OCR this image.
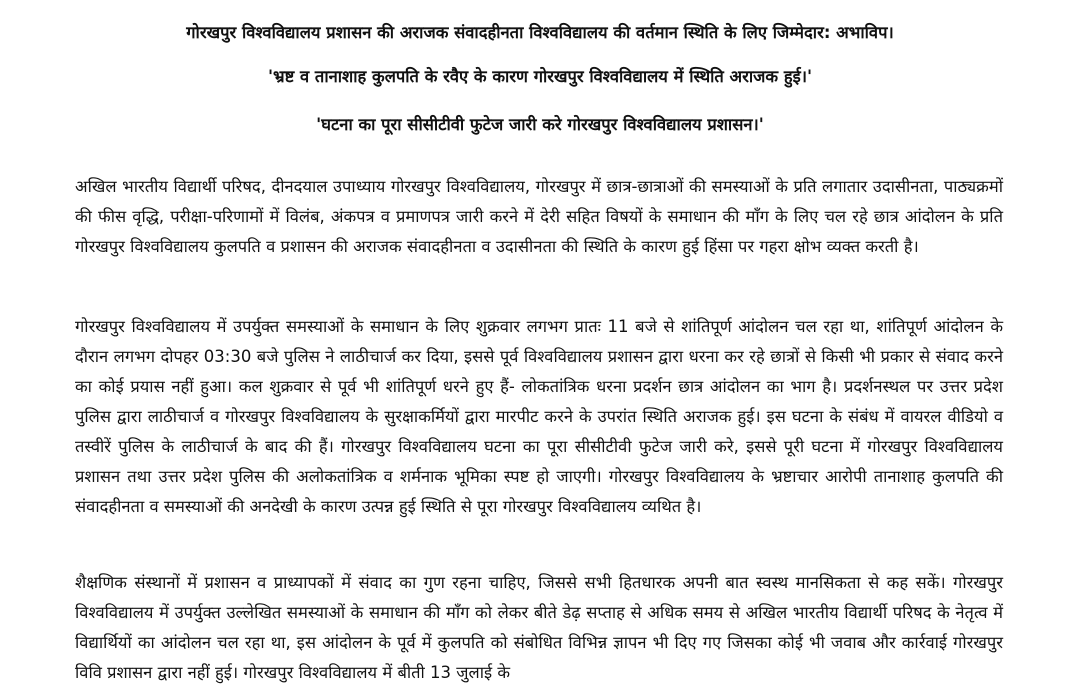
गोरखपुर विश्वविद्यालय प्रशासन की अराजक संवादहीनता विश्वविद्यालय की वर्तमान स्थिति के लिए जिम्मेदार: अभाविप।
'भ्रष्ट व तानाशाह कुलपति के रवैए के कारण गोरखपुर विश्वविद्यालय में स्थिति अराजक हुई।'
'घटना का पूरा सीसीटीवी फुटेज जारी करे गोरखपुर विश्वविद्यालय प्रशासन।'

अखिल भारतीय विद्यार्थी परिषद, दीनदयाल उपाध्याय गोरखपुर विश्वविद्यालय, गोरखपुर में छात्र-छात्राओं की समस्याओं के प्रति लगातार उदासीनता, पाठ्यक्रमों की फीस वृद्धि, परीक्षा-परिणामों में विलंब, अंकपत्र व प्रमाणपत्र जारी करने में देरी सहित विषयों के समाधान की माँग के लिए चल रहे छात्र आंदोलन के प्रति गोरखपुर विश्वविद्यालय कुलपति व प्रशासन की अराजक संवादहीनता व उदासीनता की स्थिति के कारण हुई हिंसा पर गहरा क्षोभ व्यक्त करती है।

गोरखपुर विश्वविद्यालय में उपर्युक्त समस्याओं के समाधान के लिए शुक्रवार लगभग प्रातः 11 बजे से शांतिपूर्ण आंदोलन चल रहा था, शांतिपूर्ण आंदोलन के दौरान लगभग दोपहर 03:30 बजे पुलिस ने लाठीचार्ज कर दिया, इससे पूर्व विश्वविद्यालय प्रशासन द्वारा धरना कर रहे छात्रों से किसी भी प्रकार से संवाद करने का कोई प्रयास नहीं हुआ। कल शुक्रवार से पूर्व भी शांतिपूर्ण धरने हुए हैं- लोकतांत्रिक धरना प्रदर्शन छात्र आंदोलन का भाग है। प्रदर्शनस्थल पर उत्तर प्रदेश पुलिस द्वारा लाठीचार्ज व गोरखपुर विश्वविद्यालय के सुरक्षाकर्मियों द्वारा मारपीट करने के उपरांत स्थिति अराजक हुई। इस घटना के संबंध में वायरल वीडियो व तस्वीरें पुलिस के लाठीचार्ज के बाद की हैं। गोरखपुर विश्वविद्यालय घटना का पूरा सीसीटीवी फुटेज जारी करे, इससे पूरी घटना में गोरखपुर विश्वविद्यालय प्रशासन तथा उत्तर प्रदेश पुलिस की अलोकतांत्रिक व शर्मनाक भूमिका स्पष्ट हो जाएगी। गोरखपुर विश्वविद्यालय के भ्रष्टाचार आरोपी तानाशाह कुलपति की संवादहीनता व समस्याओं की अनदेखी के कारण उत्पन्न हुई स्थिति से पूरा गोरखपुर विश्वविद्यालय व्यथित है।

शैक्षणिक संस्थानों में प्रशासन व प्राध्यापकों में संवाद का गुण रहना चाहिए, जिससे सभी हितधारक अपनी बात स्वस्थ मानसिकता से कह सकें। गोरखपुर विश्वविद्यालय में उपर्युक्त उल्लेखित समस्याओं के समाधान की माँग को लेकर बीते डेढ़ सप्ताह से अधिक समय से अखिल भारतीय विद्यार्थी परिषद के नेतृत्व में विद्यार्थियों का आंदोलन चल रहा था, इस आंदोलन के पूर्व में कुलपति को संबोधित विभिन्न ज्ञापन भी दिए गए जिसका कोई भी जवाब और कार्रवाई गोरखपुर विवि प्रशासन द्वारा नहीं हुई। गोरखपुर विश्वविद्यालय में बीती 13 जुलाई के
